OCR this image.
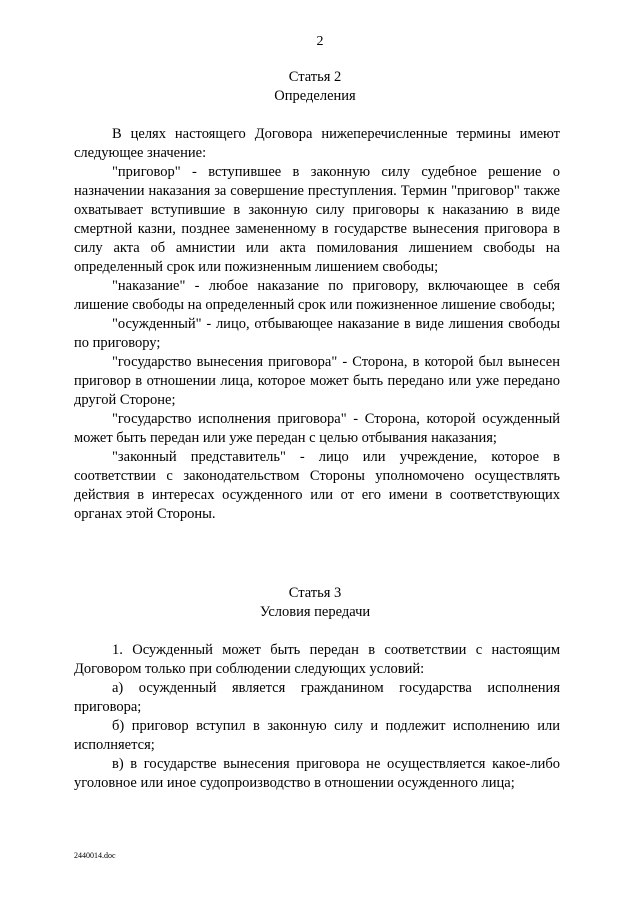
2
Статья 2
Определения

В целях настоящего Договора нижеперечисленные термины имеют следующее значение:

"приговор" - вступившее в законную силу судебное решение о назначении наказания за совершение преступления. Термин "приговор" также охватывает вступившие в законную силу приговоры к наказанию в виде смертной казни, позднее замененному в государстве вынесения приговора в силу акта об амнистии или акта помилования лишением свободы на определенный срок или пожизненным лишением свободы;

"наказание" - любое наказание по приговору, включающее в себя лишение свободы на определенный срок или пожизненное лишение свободы;

"осужденный" - лицо, отбывающее наказание в виде лишения свободы по приговору;

"государство вынесения приговора" - Сторона, в которой был вынесен приговор в отношении лица, которое может быть передано или уже передано другой Стороне;

"государство исполнения приговора" - Сторона, которой осужденный может быть передан или уже передан с целью отбывания наказания;

"законный представитель" - лицо или учреждение, которое в соответствии с законодательством Стороны уполномочено осуществлять действия в интересах осужденного или от его имени в соответствующих органах этой Стороны.

Статья 3
Условия передачи

1. Осужденный может быть передан в соответствии с настоящим Договором только при соблюдении следующих условий:

а) осужденный является гражданином государства исполнения приговора;

б) приговор вступил в законную силу и подлежит исполнению или исполняется;

в) в государстве вынесения приговора не осуществляется какое-либо уголовное или иное судопроизводство в отношении осужденного лица;

2440014.doc
